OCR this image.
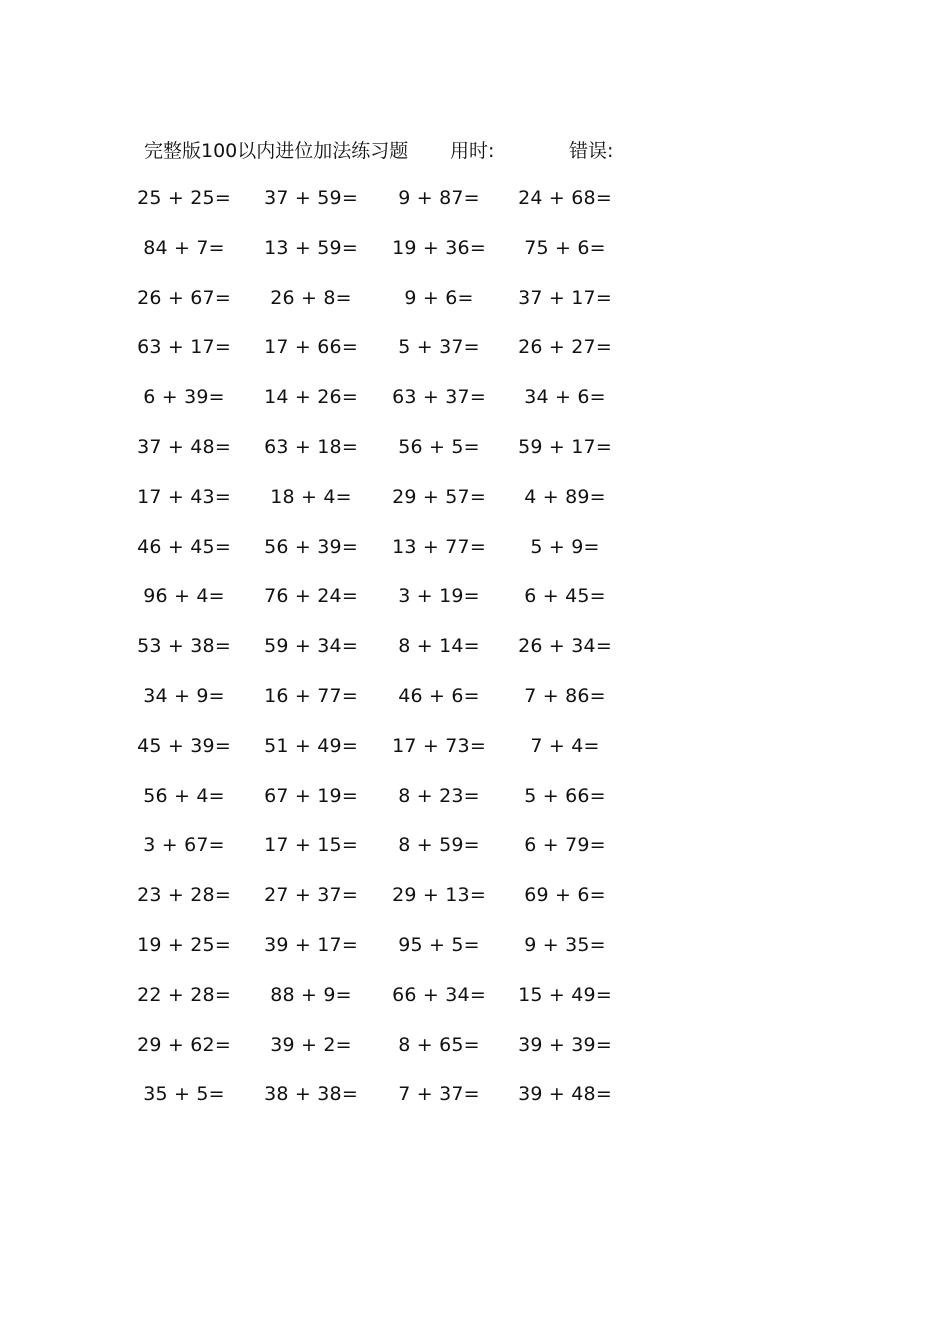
完整版100以内进位加法练习题 用时:	错误:
25 + 25= 37 + 59= 9 + 87= 24 + 68=
84 + 7= 13 + 59= 19 + 36= 75 + 6=
26 + 67= 26 + 8=	9 + 6= 37 + 17=
63 + 17= 17 + 66= 5 + 37= 26 + 27=
6 + 39= 14 + 26= 63 + 37= 34 + 6=
37 + 48= 63 + 18= 56 + 5= 59 + 17=
17 + 43= 18 + 4= 29 + 57= 4 + 89=
46 + 45= 56 + 39= 13 + 77= 5 + 9=
96 + 4= 76 + 24= 3 + 19= 6 + 45=
53 + 38= 59 + 34= 8 + 14= 26 + 34=
34 + 9= 16 + 77= 46 + 6= 7 + 86=
45 + 39= 51 + 49= 17 + 73= 7 + 4=
56 + 4= 67 + 19= 8 + 23= 5 + 66=
3 + 67= 17 + 15= 8 + 59= 6 + 79=
23 + 28= 27 + 37= 29 + 13= 69 + 6=
19 + 25= 39 + 17= 95 + 5= 9 + 35=
22 + 28= 88 + 9= 66 + 34= 15 + 49=
29 + 62= 39 + 2= 8 + 65= 39 + 39=
35 + 5= 38 + 38= 7 + 37= 39 + 48=
